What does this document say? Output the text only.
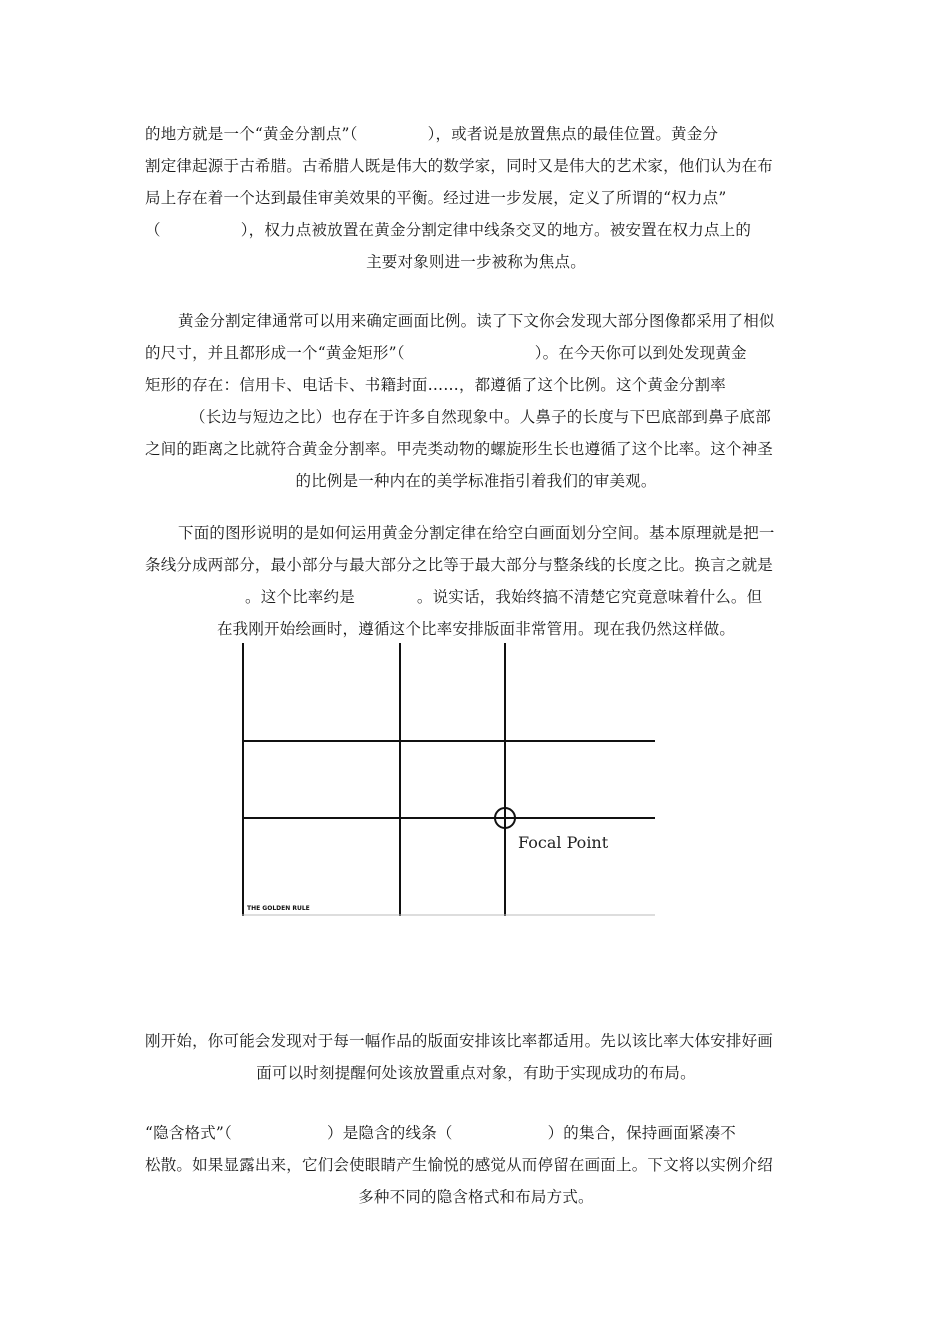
的地方就是一个“黄金分割点”（	），或者说是放置焦点的最佳位置。黄金分
割定律起源于古希腊。古希腊人既是伟大的数学家，同时又是伟大的艺术家，他们认为在布
局上存在着一个达到最佳审美效果的平衡。经过进一步发展，定义了所谓的“权力点”
（	），权力点被放置在黄金分割定律中线条交叉的地方。被安置在权力点上的
主要对象则进一步被称为焦点。
黄金分割定律通常可以用来确定画面比例。读了下文你会发现大部分图像都采用了相似
的尺寸，并且都形成一个“黄金矩形”（	）。在今天你可以到处发现黄金
矩形的存在：信用卡、电话卡、书籍封面……，都遵循了这个比例。这个黄金分割率
（长边与短边之比）也存在于许多自然现象中。人鼻子的长度与下巴底部到鼻子底部
之间的距离之比就符合黄金分割率。甲壳类动物的螺旋形生长也遵循了这个比率。这个神圣
的比例是一种内在的美学标准指引着我们的审美观。
下面的图形说明的是如何运用黄金分割定律在给空白画面划分空间。基本原理就是把一
条线分成两部分，最小部分与最大部分之比等于最大部分与整条线的长度之比。换言之就是
。这个比率约是	。说实话，我始终搞不清楚它究竟意味着什么。但
在我刚开始绘画时，遵循这个比率安排版面非常管用。现在我仍然这样做。
Focal Point
THE GOLDEN RULE
刚开始，你可能会发现对于每一幅作品的版面安排该比率都适用。先以该比率大体安排好画
面可以时刻提醒何处该放置重点对象，有助于实现成功的布局。
“隐含格式”（	）是隐含的线条（	）的集合，保持画面紧凑不
松散。如果显露出来，它们会使眼睛产生愉悦的感觉从而停留在画面上。下文将以实例介绍
多种不同的隐含格式和布局方式。
